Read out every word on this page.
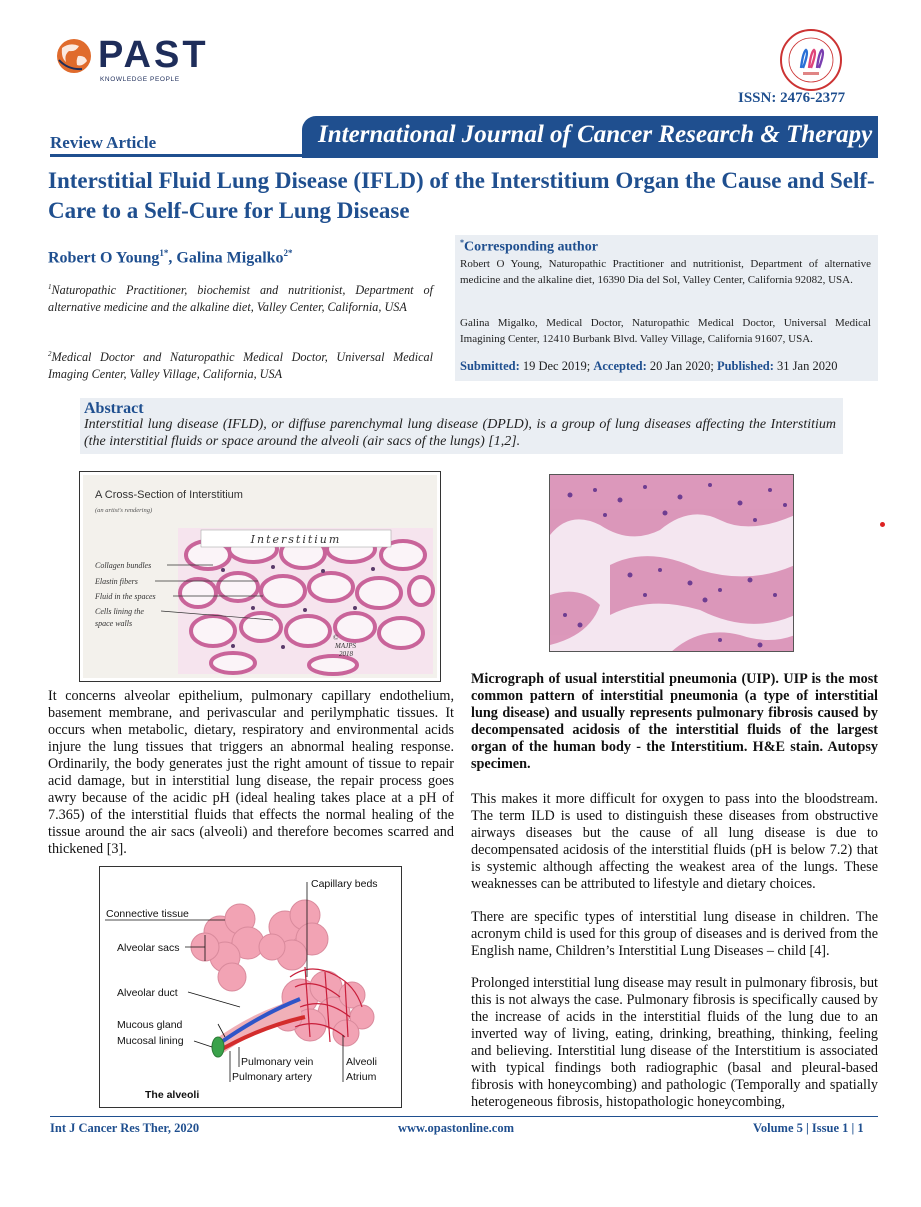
PAST
KNOWLEDGE PEOPLE
ISSN: 2476-2377
Review Article	International Journal of Cancer Research & Therapy
Interstitial Fluid Lung Disease (IFLD) of the Interstitium Organ the Cause and Self-Care to a Self-Cure for Lung Disease
Robert O Young$^{1*}$, Galina Migalko$^{2*}$
$^1$Naturopathic Practitioner, biochemist and nutritionist, Department of alternative medicine and the alkaline diet, Valley Center, California, USA
$^2$Medical Doctor and Naturopathic Medical Doctor, Universal Medical Imaging Center, Valley Village, California, USA
*Corresponding author
Robert O Young, Naturopathic Practitioner and nutritionist, Department of alternative medicine and the alkaline diet, 16390 Dia del Sol, Valley Center, California 92082, USA.
Galina Migalko, Medical Doctor, Naturopathic Medical Doctor, Universal Medical Imagining Center, 12410 Burbank Blvd. Valley Village, California 91607, USA.
Submitted: 19 Dec 2019; Accepted: 20 Jan 2020; Published: 31 Jan 2020
Abstract
Interstitial lung disease (IFLD), or diffuse parenchymal lung disease (DPLD), is a group of lung diseases affecting the Interstitium (the interstitial fluids or space around the alveoli (air sacs of the lungs) [1,2].
A Cross-Section of Interstitium
(an artist's rendering)
Interstitium
Collagen bundles
Elastin fibers
Fluid in the spaces
Cells lining the
space walls
©
MAJPS
2018
It concerns alveolar epithelium, pulmonary capillary endothelium, basement membrane, and perivascular and perilymphatic tissues. It occurs when metabolic, dietary, respiratory and environmental acids injure the lung tissues that triggers an abnormal healing response. Ordinarily, the body generates just the right amount of tissue to repair acid damage, but in interstitial lung disease, the repair process goes awry because of the acidic pH (ideal healing takes place at a pH of 7.365) of the interstitial fluids that effects the normal healing of the tissue around the air sacs (alveoli) and therefore becomes scarred and thickened [3].
Capillary beds
Connective tissue
Alveolar sacs
Alveolar duct
Mucous gland
Mucosal lining
Pulmonary vein
Pulmonary artery
Alveoli
Atrium
The alveoli
Micrograph of usual interstitial pneumonia (UIP). UIP is the most common pattern of interstitial pneumonia (a type of interstitial lung disease) and usually represents pulmonary fibrosis caused by decompensated acidosis of the interstitial fluids of the largest organ of the human body - the Interstitium. H&E stain. Autopsy specimen.
This makes it more difficult for oxygen to pass into the bloodstream. The term ILD is used to distinguish these diseases from obstructive airways diseases but the cause of all lung disease is due to decompensated acidosis of the interstitial fluids (pH is below 7.2) that is systemic although affecting the weakest area of the lungs. These weaknesses can be attributed to lifestyle and dietary choices.
There are specific types of interstitial lung disease in children. The acronym child is used for this group of diseases and is derived from the English name, Children’s Interstitial Lung Diseases – child [4].
Prolonged interstitial lung disease may result in pulmonary fibrosis, but this is not always the case. Pulmonary fibrosis is specifically caused by the increase of acids in the interstitial fluids of the lung due to an inverted way of living, eating, drinking, breathing, thinking, feeling and believing. Interstitial lung disease of the Interstitium is associated with typical findings both radiographic (basal and pleural-based fibrosis with honeycombing) and pathologic (Temporally and spatially heterogeneous fibrosis, histopathologic honeycombing,
Int J Cancer Res Ther, 2020	www.opastonline.com	Volume 5 | Issue 1 | 1
